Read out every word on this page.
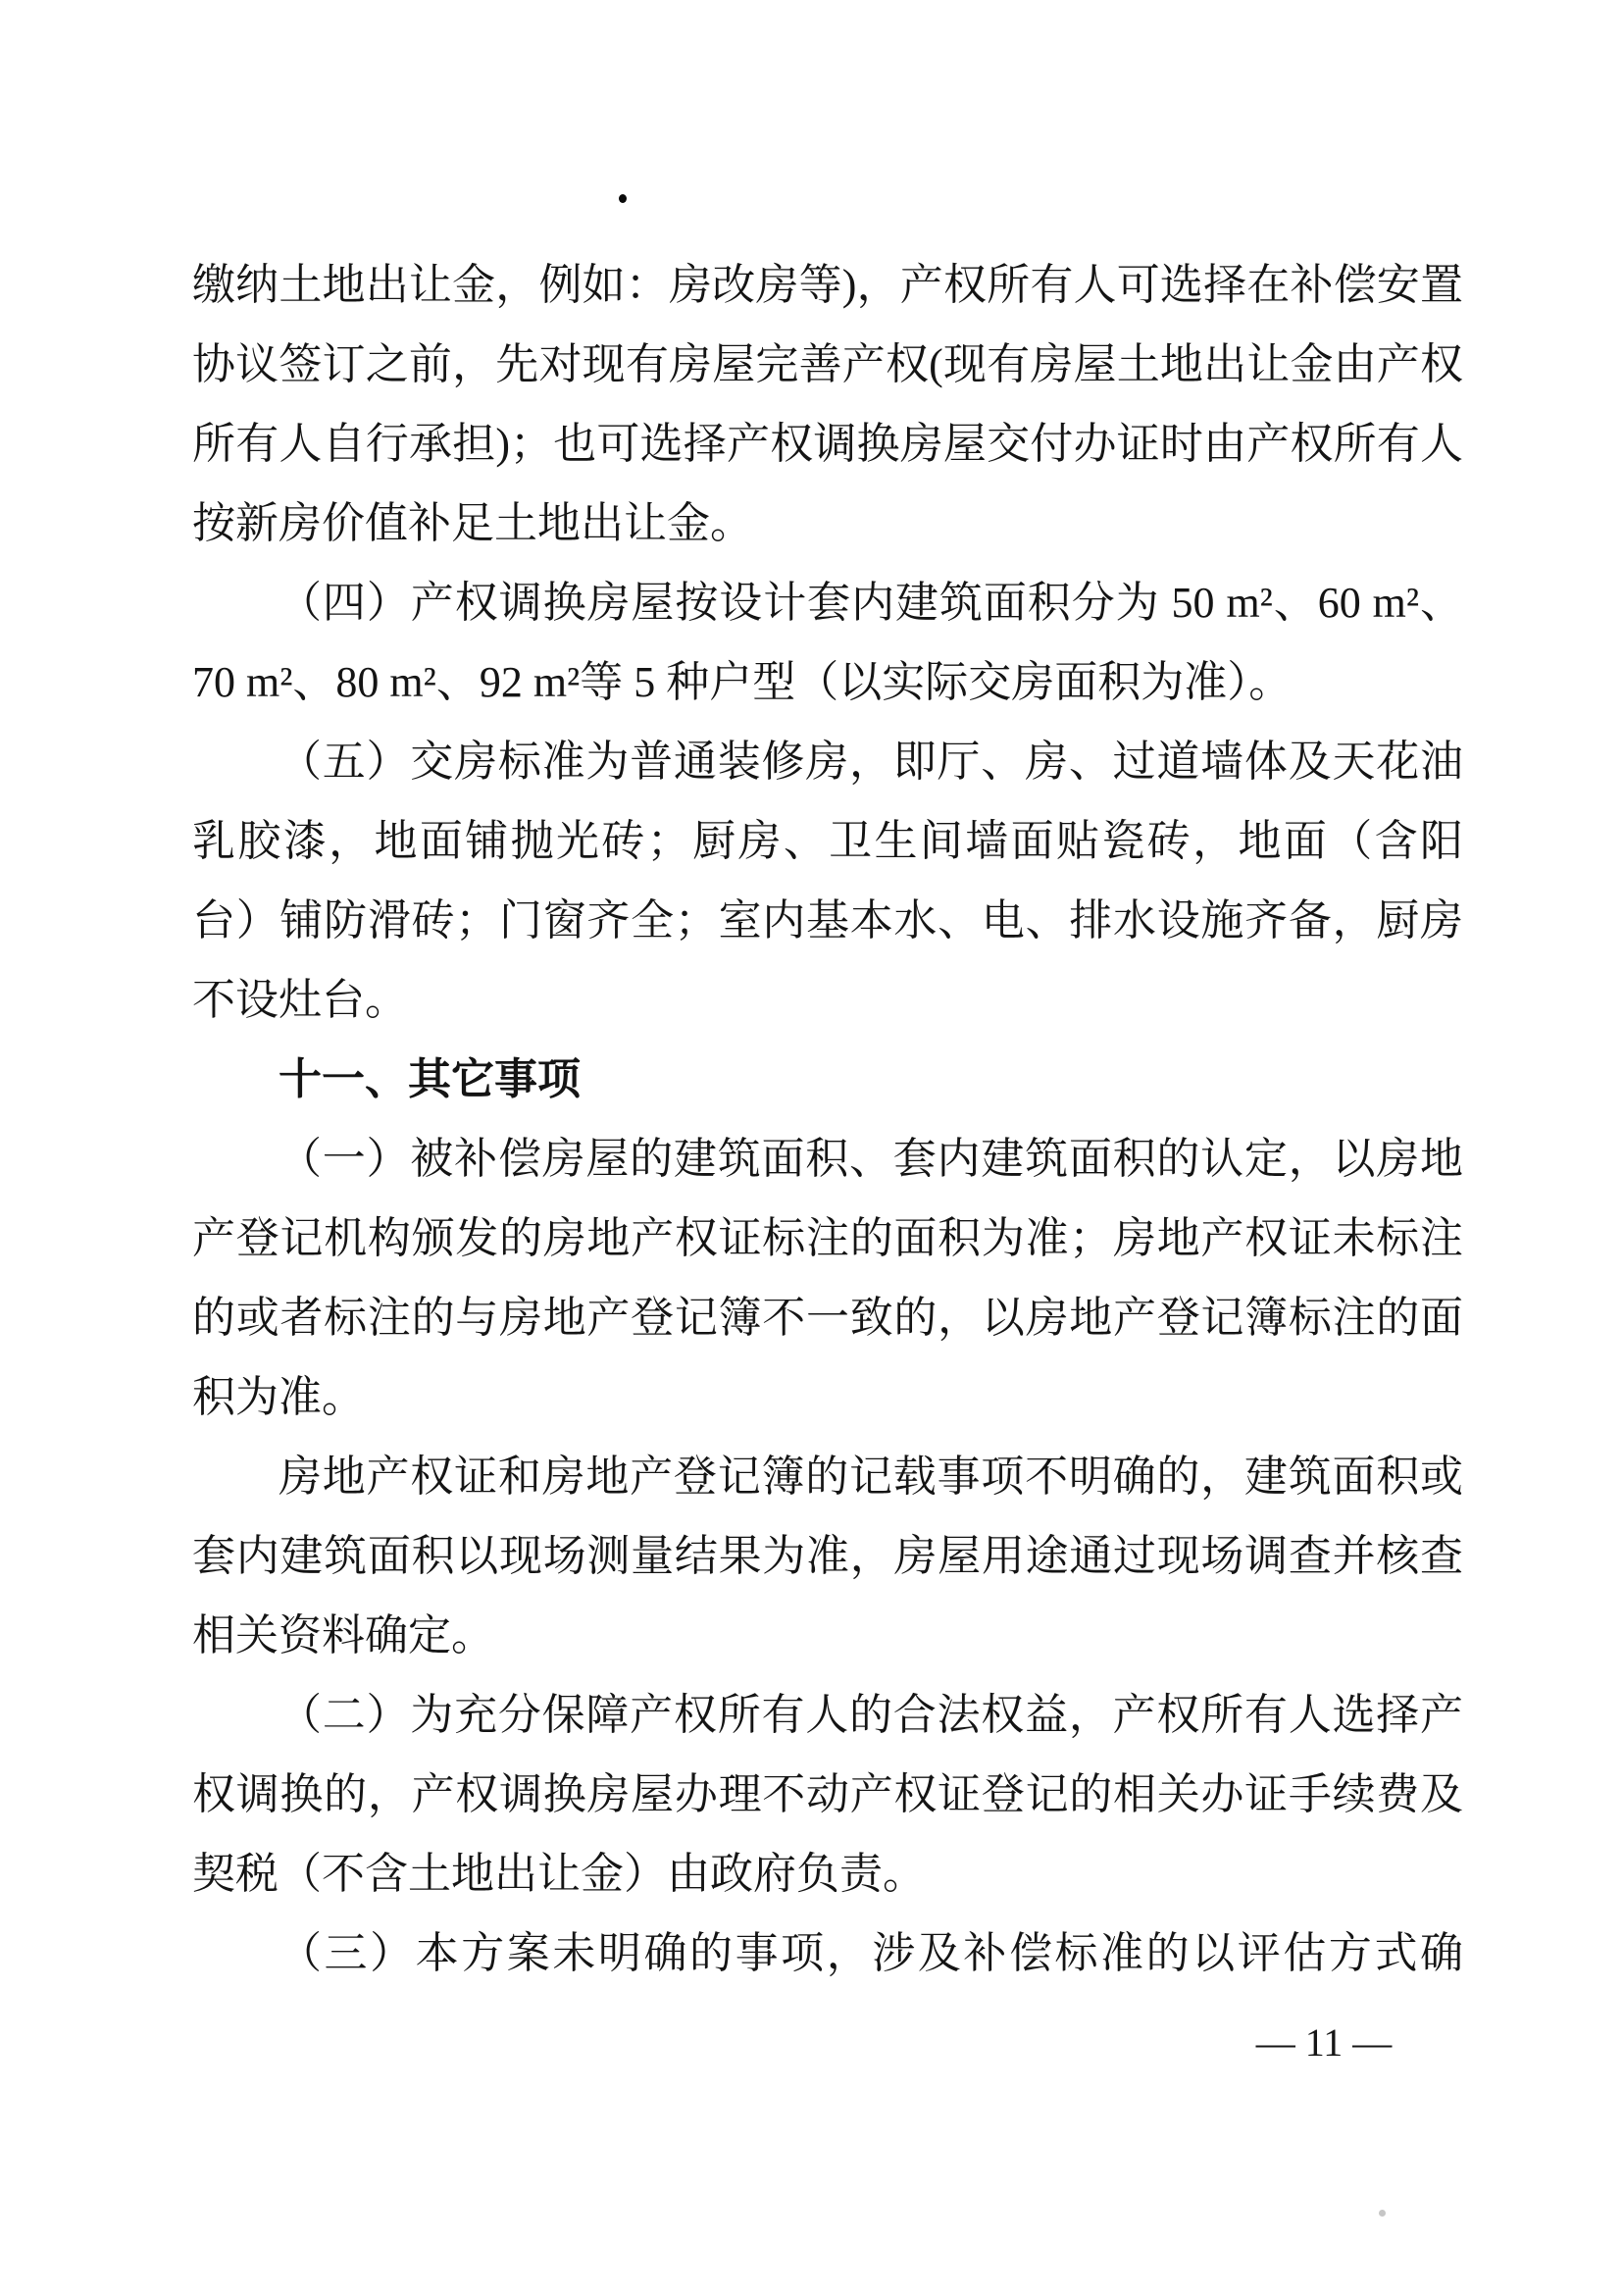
缴纳土地出让金，例如：房改房等)，产权所有人可选择在补偿安置协议签订之前，先对现有房屋完善产权(现有房屋土地出让金由产权所有人自行承担)；也可选择产权调换房屋交付办证时由产权所有人按新房价值补足土地出让金。

（四）产权调换房屋按设计套内建筑面积分为 50 m²、60 m²、70 m²、80 m²、92 m²等 5 种户型（以实际交房面积为准）。

（五）交房标准为普通装修房，即厅、房、过道墙体及天花油乳胶漆，地面铺抛光砖；厨房、卫生间墙面贴瓷砖，地面（含阳台）铺防滑砖；门窗齐全；室内基本水、电、排水设施齐备，厨房不设灶台。

十一、其它事项

（一）被补偿房屋的建筑面积、套内建筑面积的认定，以房地产登记机构颁发的房地产权证标注的面积为准；房地产权证未标注的或者标注的与房地产登记簿不一致的，以房地产登记簿标注的面积为准。

房地产权证和房地产登记簿的记载事项不明确的，建筑面积或套内建筑面积以现场测量结果为准，房屋用途通过现场调查并核查相关资料确定。

（二）为充分保障产权所有人的合法权益，产权所有人选择产权调换的，产权调换房屋办理不动产权证登记的相关办证手续费及契税（不含土地出让金）由政府负责。

（三）本方案未明确的事项，涉及补偿标准的以评估方式确

— 11 —
